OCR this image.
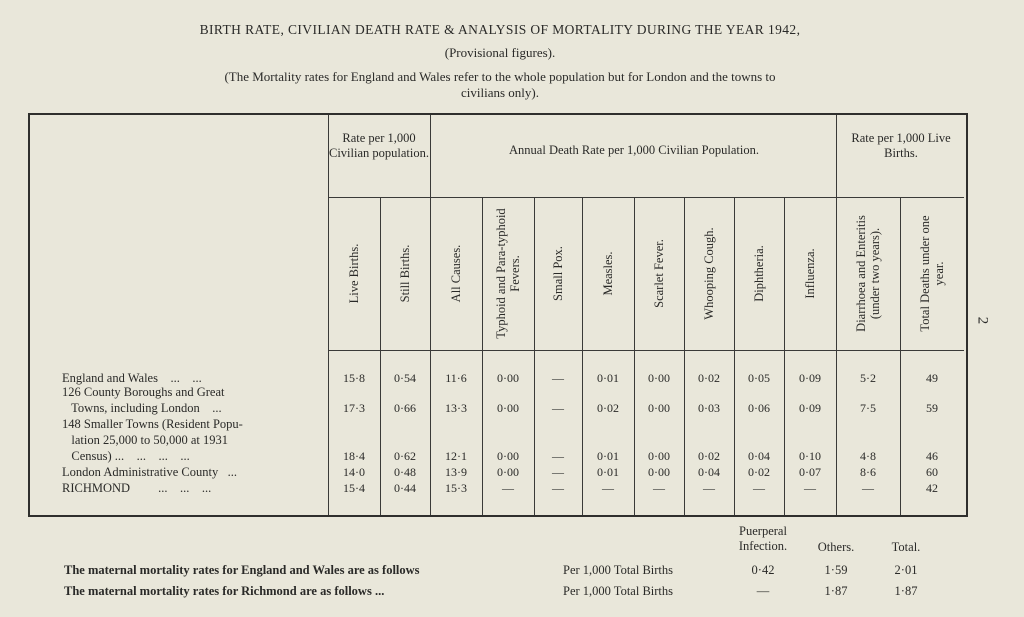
BIRTH RATE, CIVILIAN DEATH RATE & ANALYSIS OF MORTALITY DURING THE YEAR 1942,
(Provisional figures).
(The Mortality rates for England and Wales refer to the whole population but for London and the towns to
civilians only).
2
Rate per 1,000 Civilian population.	Annual Death Rate per 1,000 Civilian Population.
Rate per 1,000 Live Births.
Live Births.	Still Births.	All Causes.	Typhoid and Para-typhoid Fevers.	Small Pox.	Measles.	Scarlet Fever.	Whooping Cough.	Diphtheria.	Influenza.	Diarrhoea and Enteritis (under two years).	Total Deaths under one year.
Puerperal
Infection.	Others.	Total.
The maternal mortality rates for England and Wales are as follows	Per 1,000 Total Births	0·42	1·59	2·01
The maternal mortality rates for Richmond are as follows ...	Per 1,000 Total Births	—	1·87	1·87
England and Wales    ...    ...	15·8	0·54	11·6	0·00	—	0·01	0·00	0·02	0·05	0·09	5·2	49
126 County Boroughs and Great
Towns, including London    ...	17·3	0·66	13·3	0·00	—	0·02	0·00	0·03	0·06	0·09	7·5	59
148 Smaller Towns (Resident Popu-
lation 25,000 to 50,000 at 1931
Census) ...    ...    ...    ...	18·4	0·62	12·1	0·00	—	0·01	0·00	0·02	0·04	0·10	4·8	46
London Administrative County   ...	14·0	0·48	13·9	0·00	—	0·01	0·00	0·04	0·02	0·07	8·6	60
RICHMOND         ...    ...    ...	15·4	0·44	15·3	—	—	—	—	—	—	—	—	42
